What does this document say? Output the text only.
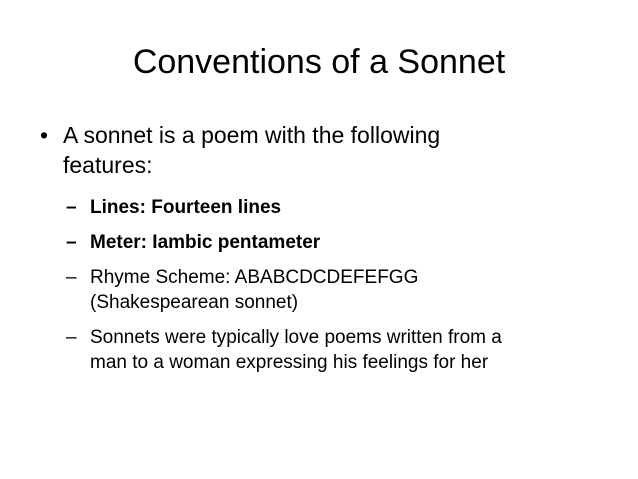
Conventions of a Sonnet
• A sonnet is a poem with the following
features:
– Lines: Fourteen lines
– Meter: Iambic pentameter
– Rhyme Scheme: ABABCDCDEFEFGG
(Shakespearean sonnet)
– Sonnets were typically love poems written from a
man to a woman expressing his feelings for her
